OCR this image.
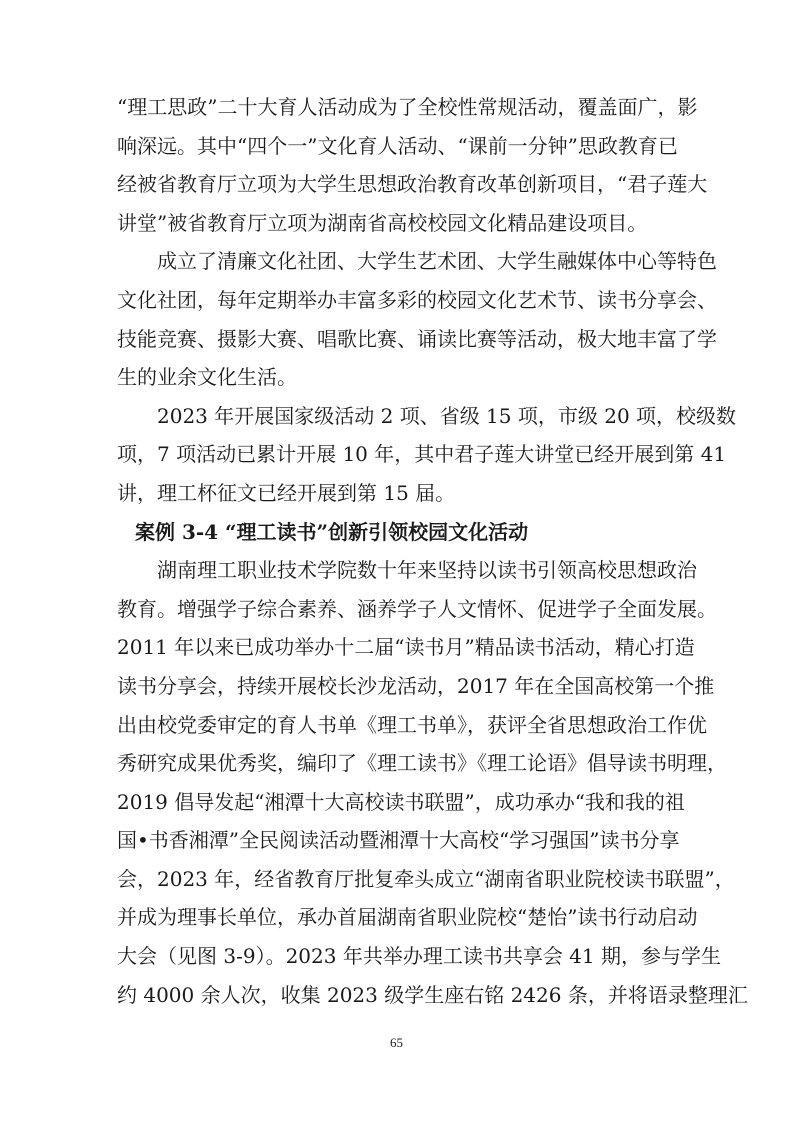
“理工思政”二十大育人活动成为了全校性常规活动，覆盖面广，影
响深远。其中“四个一”文化育人活动、“课前一分钟”思政教育已
经被省教育厅立项为大学生思想政治教育改革创新项目，“君子莲大
讲堂”被省教育厅立项为湖南省高校校园文化精品建设项目。
成立了清廉文化社团、大学生艺术团、大学生融媒体中心等特色
文化社团，每年定期举办丰富多彩的校园文化艺术节、读书分享会、
技能竞赛、摄影大赛、唱歌比赛、诵读比赛等活动，极大地丰富了学
生的业余文化生活。
2023 年开展国家级活动 2 项、省级 15 项，市级 20 项，校级数
项，7 项活动已累计开展 10 年，其中君子莲大讲堂已经开展到第 41
讲，理工杯征文已经开展到第 15 届。
案例 3-4 “理工读书”创新引领校园文化活动
湖南理工职业技术学院数十年来坚持以读书引领高校思想政治
教育。增强学子综合素养、涵养学子人文情怀、促进学子全面发展。
2011 年以来已成功举办十二届“读书月”精品读书活动，精心打造
读书分享会，持续开展校长沙龙活动，2017 年在全国高校第一个推
出由校党委审定的育人书单《理工书单》，获评全省思想政治工作优
秀研究成果优秀奖，编印了《理工读书》《理工论语》倡导读书明理，
2019 倡导发起“湘潭十大高校读书联盟”，成功承办“我和我的祖
国•书香湘潭”全民阅读活动暨湘潭十大高校“学习强国”读书分享
会，2023 年，经省教育厅批复牵头成立“湖南省职业院校读书联盟”，
并成为理事长单位，承办首届湖南省职业院校“楚怡”读书行动启动
大会（见图 3-9）。2023 年共举办理工读书共享会 41 期，参与学生
约 4000 余人次，收集 2023 级学生座右铭 2426 条，并将语录整理汇
65
